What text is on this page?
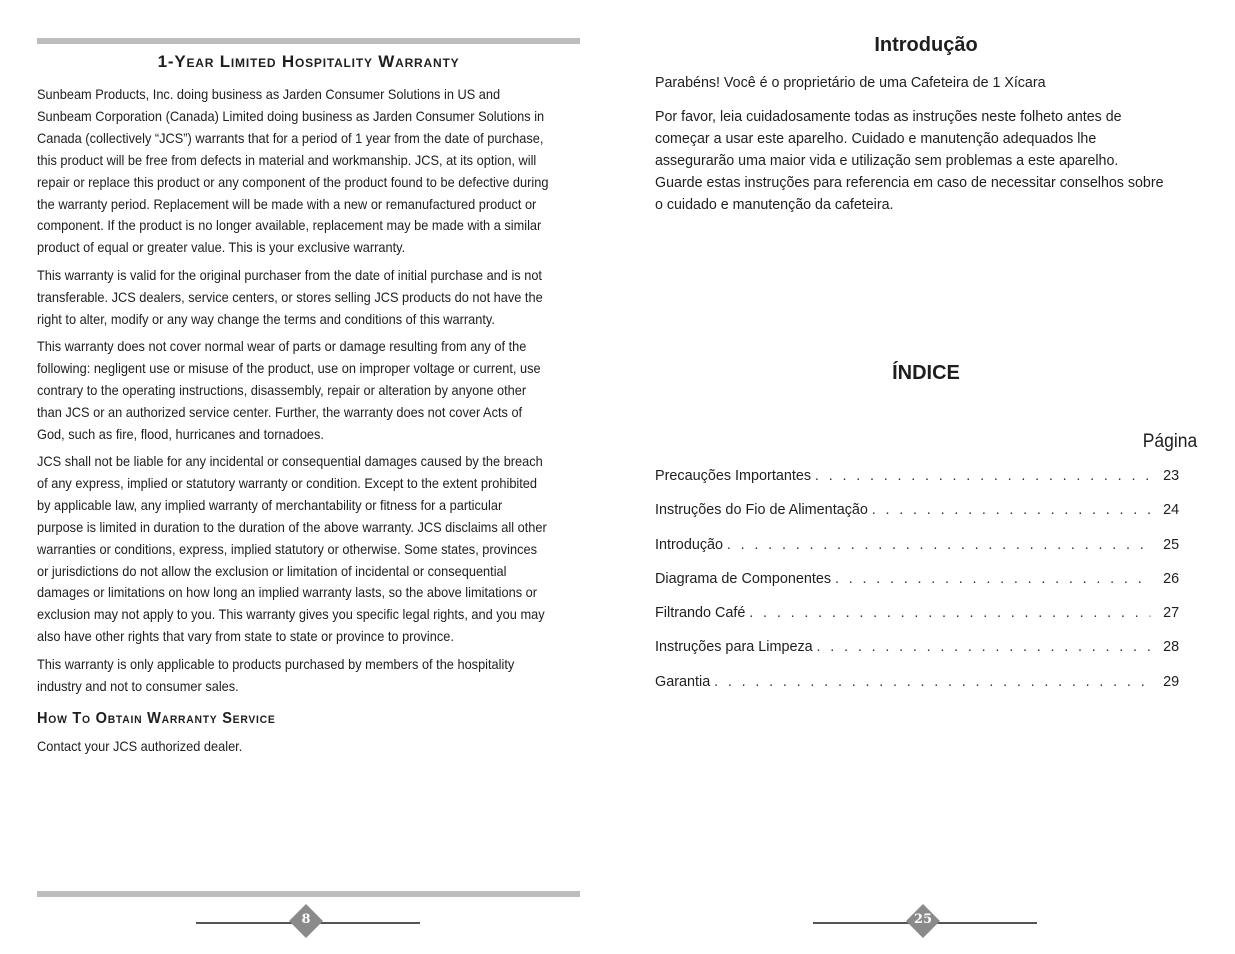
1-Year Limited Hospitality Warranty

Sunbeam Products, Inc. doing business as Jarden Consumer Solutions in US and Sunbeam Corporation (Canada) Limited doing business as Jarden Consumer Solutions in Canada (collectively “JCS”) warrants that for a period of 1 year from the date of purchase, this product will be free from defects in material and workmanship. JCS, at its option, will repair or replace this product or any component of the product found to be defective during the warranty period. Replacement will be made with a new or remanufactured product or component. If the product is no longer available, replacement may be made with a similar product of equal or greater value. This is your exclusive warranty.

This warranty is valid for the original purchaser from the date of initial purchase and is not transferable. JCS dealers, service centers, or stores selling JCS products do not have the right to alter, modify or any way change the terms and conditions of this warranty.

This warranty does not cover normal wear of parts or damage resulting from any of the following: negligent use or misuse of the product, use on improper voltage or current, use contrary to the operating instructions, disassembly, repair or alteration by anyone other than JCS or an authorized service center. Further, the warranty does not cover Acts of God, such as fire, flood, hurricanes and tornadoes.

JCS shall not be liable for any incidental or consequential damages caused by the breach of any express, implied or statutory warranty or condition. Except to the extent prohibited by applicable law, any implied warranty of merchantability or fitness for a particular purpose is limited in duration to the duration of the above warranty. JCS disclaims all other warranties or conditions, express, implied statutory or otherwise. Some states, provinces or jurisdictions do not allow the exclusion or limitation of incidental or consequential damages or limitations on how long an implied warranty lasts, so the above limitations or exclusion may not apply to you. This warranty gives you specific legal rights, and you may also have other rights that vary from state to state or province to province.

This warranty is only applicable to products purchased by members of the hospitality industry and not to consumer sales.

How To Obtain Warranty Service

Contact your JCS authorized dealer.

8
Introdução

Parabéns! Você é o proprietário de uma Cafeteira de 1 Xícara

Por favor, leia cuidadosamente todas as instruções neste folheto antes de começar a usar este aparelho. Cuidado e manutenção adequados lhe assegurarão uma maior vida e utilização sem problemas a este aparelho. Guarde estas instruções para referencia em caso de necessitar conselhos sobre o cuidado e manutenção da cafeteira.

ÍNDICE
Página
Precauções Importantes . . .	23
Instruções do Fio de Alimentação . . .	24
Introdução . . .	25
Diagrama de Componentes . . .	26
Filtrando Café . . .	27
Instruções para Limpeza . . .	28
Garantia . . .	29
25
